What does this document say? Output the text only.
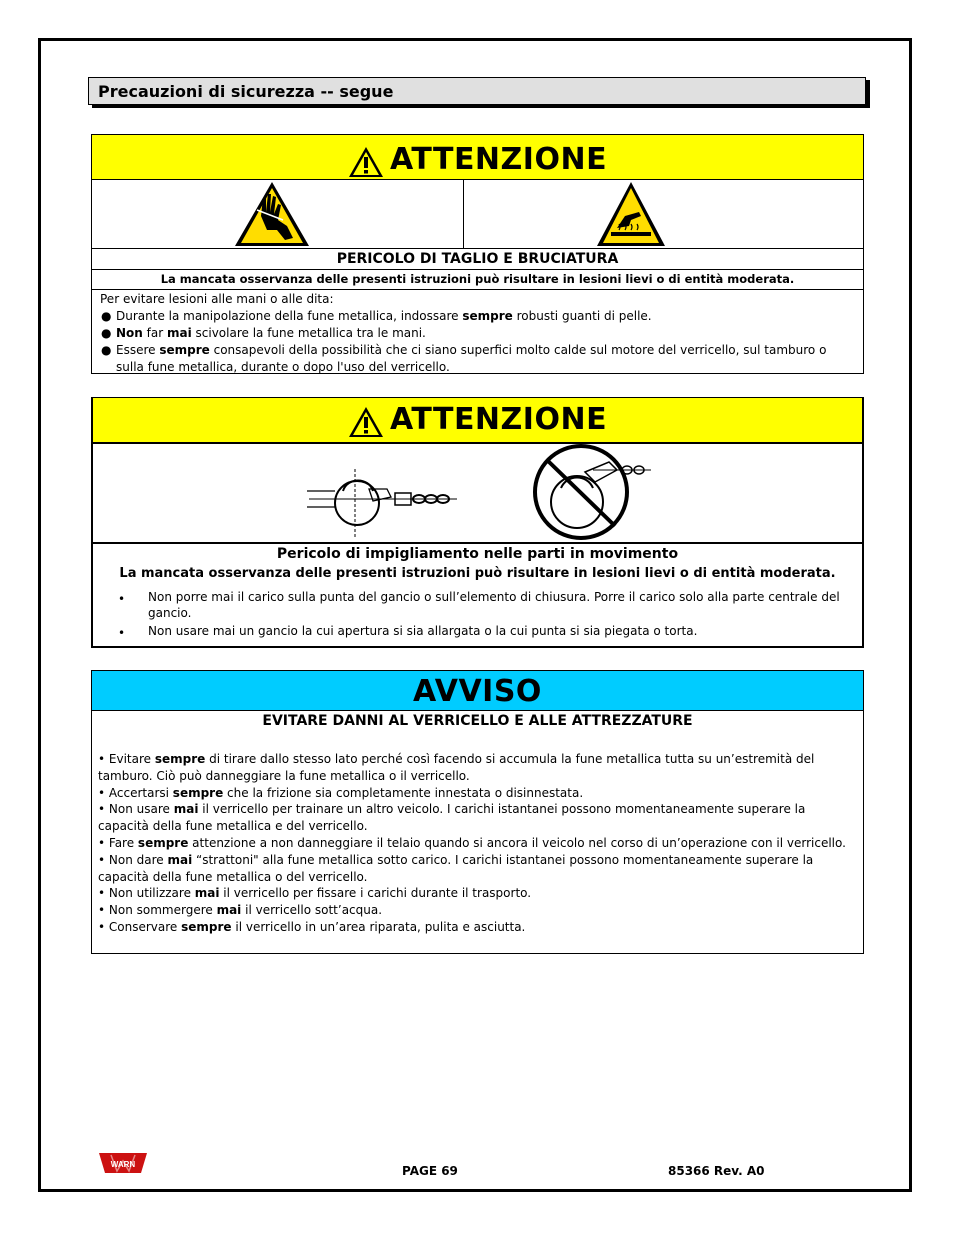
Precauzioni di sicurezza -- segue
ATTENZIONE
PERICOLO DI TAGLIO E BRUCIATURA
La mancata osservanza delle presenti istruzioni può risultare in lesioni lievi o di entità moderata.
Per evitare lesioni alle mani o alle dita:
● Durante la manipolazione della fune metallica, indossare sempre robusti guanti di pelle.
● Non far mai scivolare la fune metallica tra le mani.
● Essere sempre consapevoli della possibilità che ci siano superfici molto calde sul motore del verricello, sul tamburo o sulla fune metallica, durante o dopo l'uso del verricello.
ATTENZIONE
Pericolo di impigliamento nelle parti in movimento
La mancata osservanza delle presenti istruzioni può risultare in lesioni lievi o di entità moderata.
• Non porre mai il carico sulla punta del gancio o sull’elemento di chiusura. Porre il carico solo alla parte centrale del gancio.
• Non usare mai un gancio la cui apertura si sia allargata o la cui punta si sia piegata o torta.
AVVISO
EVITARE DANNI AL VERRICELLO E ALLE ATTREZZATURE
• Evitare sempre di tirare dallo stesso lato perché così facendo si accumula la fune metallica tutta su un’estremità del tamburo. Ciò può danneggiare la fune metallica o il verricello.
• Accertarsi sempre che la frizione sia completamente innestata o disinnestata.
• Non usare mai il verricello per trainare un altro veicolo. I carichi istantanei possono momentaneamente superare la capacità della fune metallica e del verricello.
• Fare sempre attenzione a non danneggiare il telaio quando si ancora il veicolo nel corso di un’operazione con il verricello.
• Non dare mai “strattoni" alla fune metallica sotto carico. I carichi istantanei possono momentaneamente superare la capacità della fune metallica o del verricello.
• Non utilizzare mai il verricello per fissare i carichi durante il trasporto.
• Non sommergere mai il verricello sott’acqua.
• Conservare sempre il verricello in un’area riparata, pulita e asciutta.
WARN	PAGE 69	85366 Rev. A0
